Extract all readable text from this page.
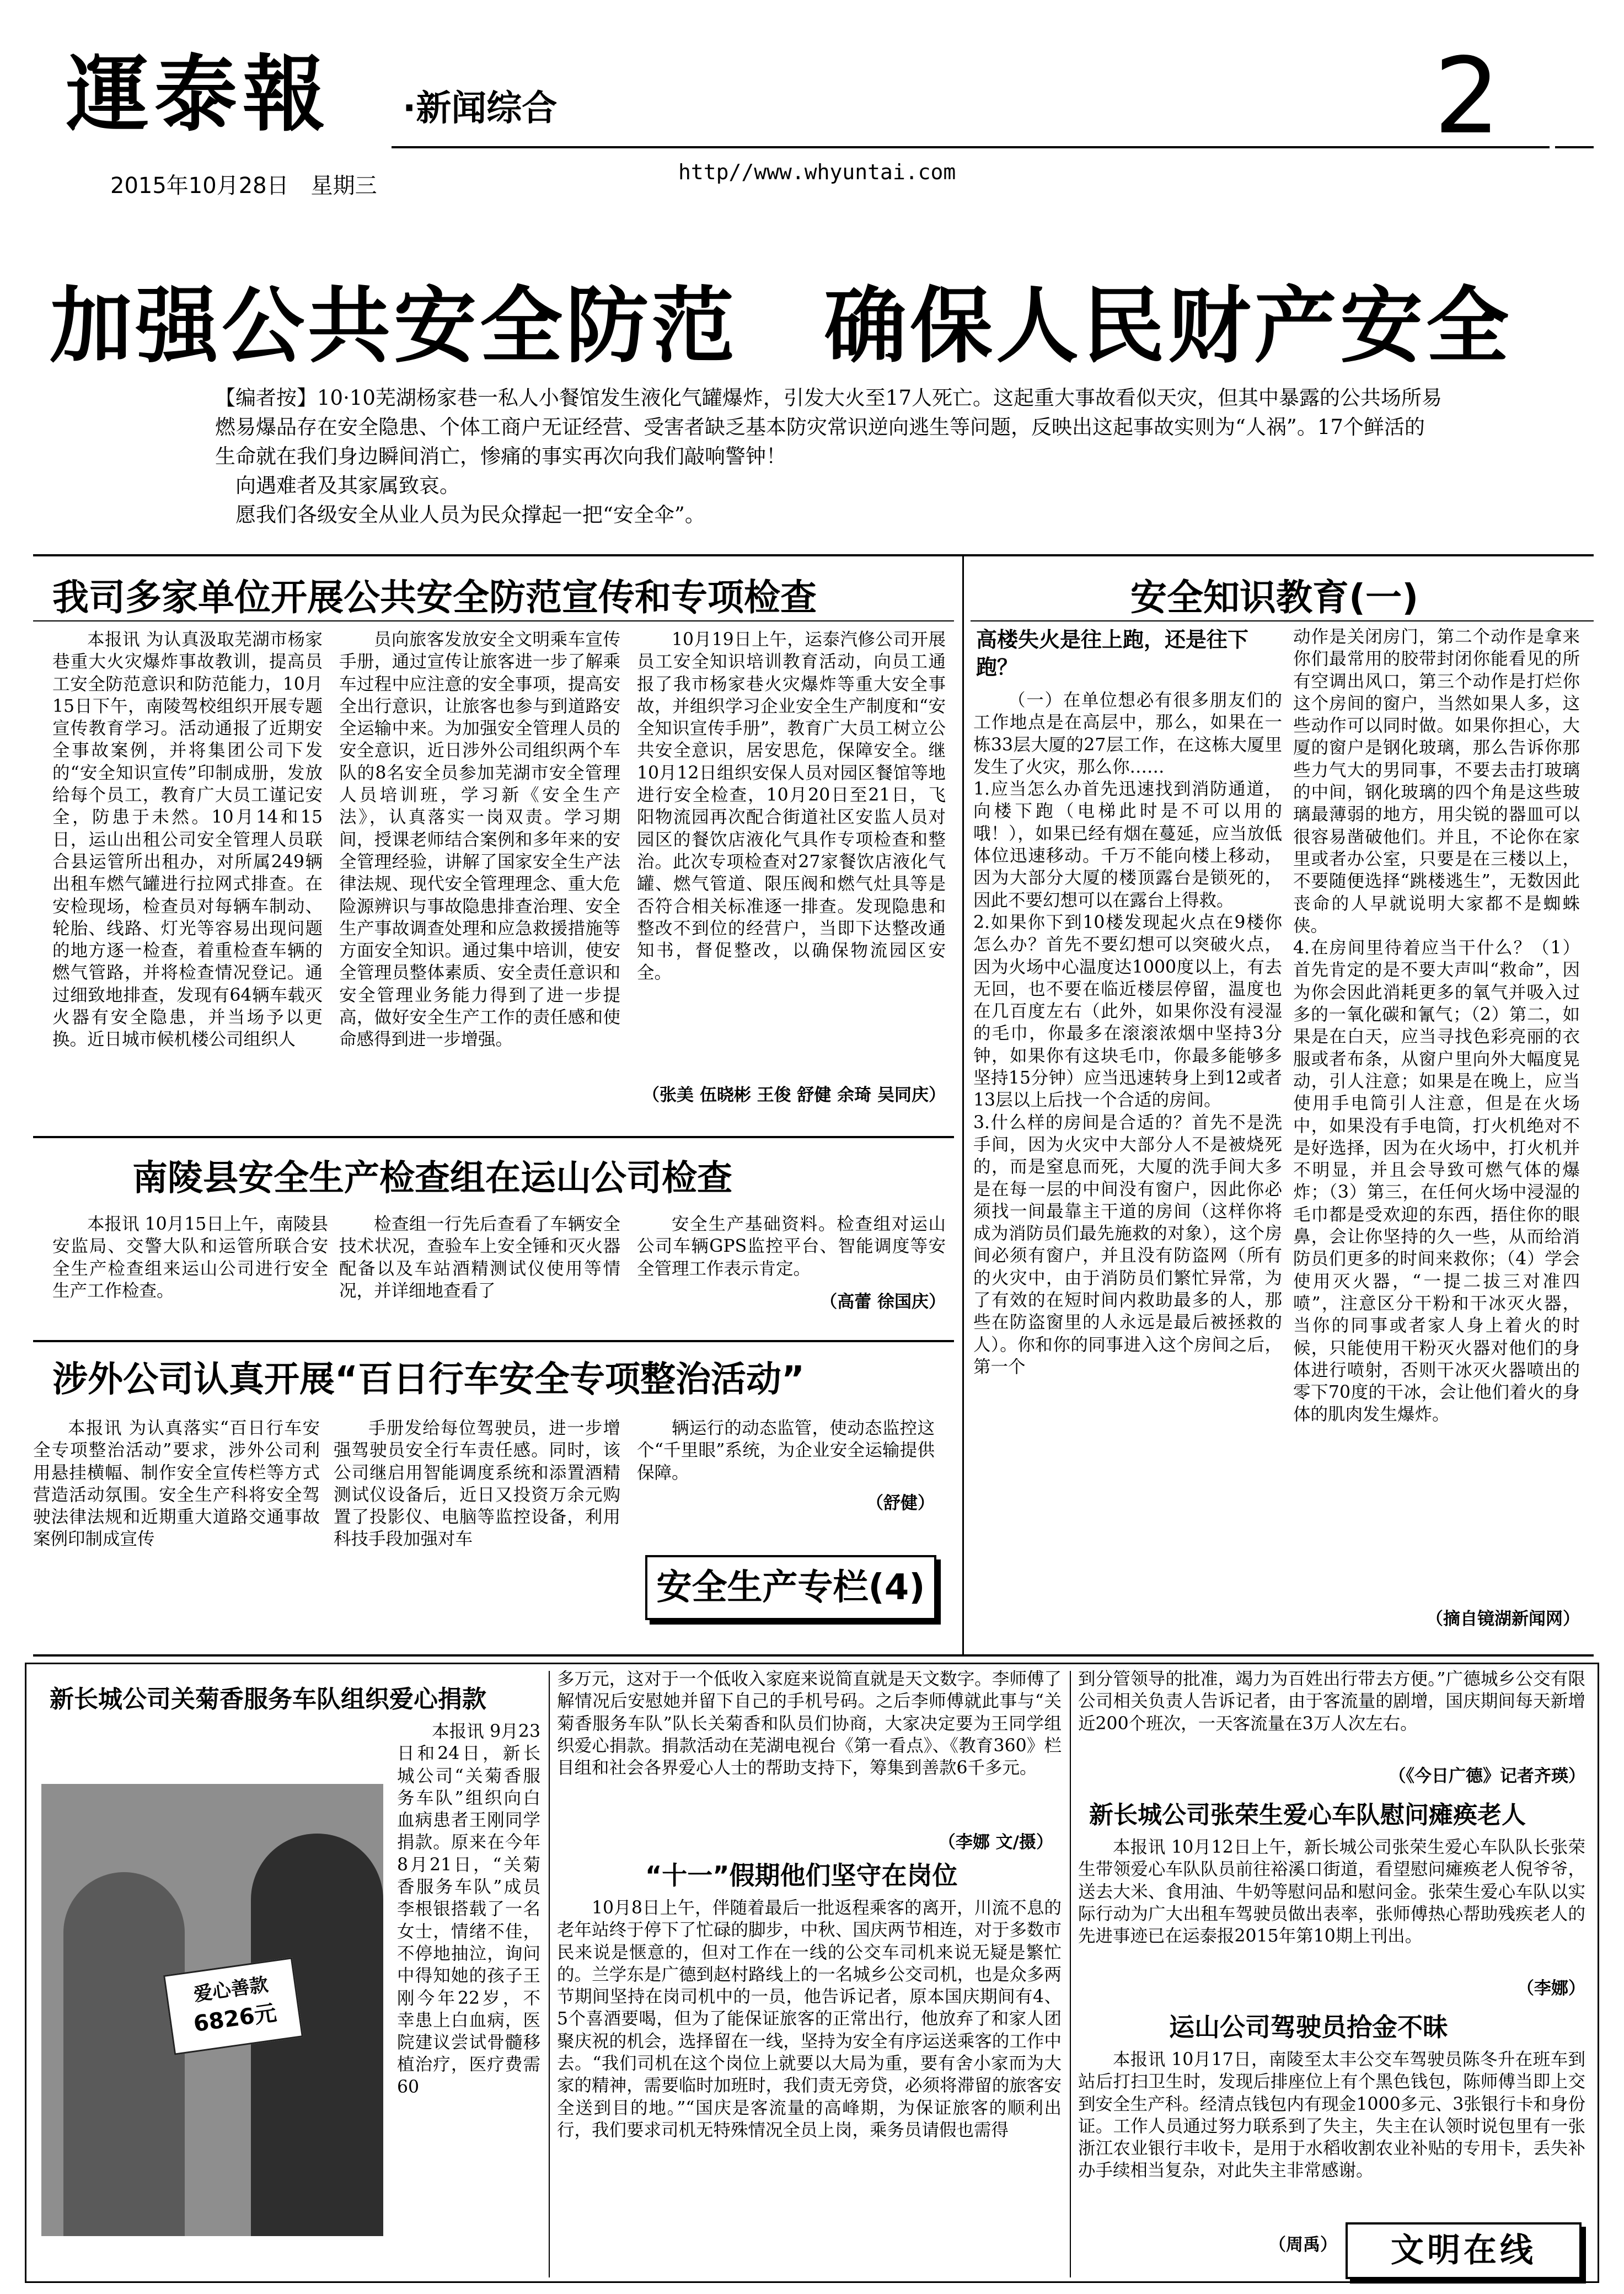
運泰報 ·新闻综合
2015年10月28日　星期三
http//www.whyuntai.com
2
加强公共安全防范　确保人民财产安全

【编者按】10·10芜湖杨家巷一私人小餐馆发生液化气罐爆炸，引发大火至17人死亡。这起重大事故看似天灾，但其中暴露的公共场所易燃易爆品存在安全隐患、个体工商户无证经营、受害者缺乏基本防灾常识逆向逃生等问题，反映出这起事故实则为“人祸”。17个鲜活的生命就在我们身边瞬间消亡，惨痛的事实再次向我们敲响警钟！

向遇难者及其家属致哀。

愿我们各级安全从业人员为民众撑起一把“安全伞”。

我司多家单位开展公共安全防范宣传和专项检查

本报讯 为认真汲取芜湖市杨家巷重大火灾爆炸事故教训，提高员工安全防范意识和防范能力，10月15日下午，南陵驾校组织开展专题宣传教育学习。活动通报了近期安全事故案例，并将集团公司下发的“安全知识宣传”印制成册，发放给每个员工，教育广大员工谨记安全，防患于未然。10月14和15日，运山出租公司安全管理人员联合县运管所出租办，对所属249辆出租车燃气罐进行拉网式排查。在安检现场，检查员对每辆车制动、轮胎、线路、灯光等容易出现问题的地方逐一检查，着重检查车辆的燃气管路，并将检查情况登记。通过细致地排查，发现有64辆车载灭火器有安全隐患，并当场予以更换。近日城市候机楼公司组织人

员向旅客发放安全文明乘车宣传手册，通过宣传让旅客进一步了解乘车过程中应注意的安全事项，提高安全出行意识，让旅客也参与到道路安全运输中来。为加强安全管理人员的安全意识，近日涉外公司组织两个车队的8名安全员参加芜湖市安全管理人员培训班，学习新《安全生产法》，认真落实一岗双责。学习期间，授课老师结合案例和多年来的安全管理经验，讲解了国家安全生产法律法规、现代安全管理理念、重大危险源辨识与事故隐患排查治理、安全生产事故调查处理和应急救援措施等方面安全知识。通过集中培训，使安全管理员整体素质、安全责任意识和安全管理业务能力得到了进一步提高，做好安全生产工作的责任感和使命感得到进一步增强。

10月19日上午，运泰汽修公司开展员工安全知识培训教育活动，向员工通报了我市杨家巷火灾爆炸等重大安全事故，并组织学习企业安全生产制度和“安全知识宣传手册”，教育广大员工树立公共安全意识，居安思危，保障安全。继10月12日组织安保人员对园区餐馆等地进行安全检查，10月20日至21日，飞阳物流园再次配合街道社区安监人员对园区的餐饮店液化气具作专项检查和整治。此次专项检查对27家餐饮店液化气罐、燃气管道、限压阀和燃气灶具等是否符合相关标准逐一排查。发现隐患和整改不到位的经营户，当即下达整改通知书，督促整改，以确保物流园区安全。

（张美 伍晓彬 王俊 舒健 余琦 吴同庆）
南陵县安全生产检查组在运山公司检查

本报讯 10月15日上午，南陵县安监局、交警大队和运管所联合安全生产检查组来运山公司进行安全生产工作检查。

检查组一行先后查看了车辆安全技术状况，查验车上安全锤和灭火器配备以及车站酒精测试仪使用等情况，并详细地查看了

安全生产基础资料。检查组对运山公司车辆GPS监控平台、智能调度等安全管理工作表示肯定。

（高蕾 徐国庆）
涉外公司认真开展“百日行车安全专项整治活动”

本报讯 为认真落实“百日行车安全专项整治活动”要求，涉外公司利用悬挂横幅、制作安全宣传栏等方式营造活动氛围。安全生产科将安全驾驶法律法规和近期重大道路交通事故案例印制成宣传

手册发给每位驾驶员，进一步增强驾驶员安全行车责任感。同时，该公司继启用智能调度系统和添置酒精测试仪设备后，近日又投资万余元购置了投影仪、电脑等监控设备，利用科技手段加强对车

辆运行的动态监管，使动态监控这个“千里眼”系统，为企业安全运输提供保障。

（舒健）
安全生产专栏(4)
安全知识教育(一)
高楼失火是往上跑，还是往下跑？

（一）在单位想必有很多朋友们的工作地点是在高层中，那么，如果在一栋33层大厦的27层工作，在这栋大厦里发生了火灾，那么你……
1.应当怎么办首先迅速找到消防通道，向楼下跑（电梯此时是不可以用的哦！），如果已经有烟在蔓延，应当放低体位迅速移动。千万不能向楼上移动，因为大部分大厦的楼顶露台是锁死的，因此不要幻想可以在露台上得救。
2.如果你下到10楼发现起火点在9楼你怎么办？首先不要幻想可以突破火点，因为火场中心温度达1000度以上，有去无回，也不要在临近楼层停留，温度也在几百度左右（此外，如果你没有浸湿的毛巾，你最多在滚滚浓烟中坚持3分钟，如果你有这块毛巾，你最多能够多坚持15分钟）应当迅速转身上到12或者13层以上后找一个合适的房间。
3.什么样的房间是合适的？首先不是洗手间，因为火灾中大部分人不是被烧死的，而是窒息而死，大厦的洗手间大多是在每一层的中间没有窗户，因此你必须找一间最靠主干道的房间（这样你将成为消防员们最先施救的对象），这个房间必须有窗户，并且没有防盗网（所有的火灾中，由于消防员们繁忙异常，为了有效的在短时间内救助最多的人，那些在防盗窗里的人永远是最后被拯救的人）。你和你的同事进入这个房间之后，第一个

动作是关闭房门，第二个动作是拿来你们最常用的胶带封闭你能看见的所有空调出风口，第三个动作是打烂你这个房间的窗户，当然如果人多，这些动作可以同时做。如果你担心，大厦的窗户是钢化玻璃，那么告诉你那些力气大的男同事，不要去击打玻璃的中间，钢化玻璃的四个角是这些玻璃最薄弱的地方，用尖锐的器皿可以很容易凿破他们。并且，不论你在家里或者办公室，只要是在三楼以上，不要随便选择“跳楼逃生”，无数因此丧命的人早就说明大家都不是蜘蛛侠。
4.在房间里待着应当干什么？（1）首先肯定的是不要大声叫“救命”，因为你会因此消耗更多的氧气并吸入过多的一氧化碳和氰气；（2）第二，如果是在白天，应当寻找色彩亮丽的衣服或者布条，从窗户里向外大幅度晃动，引人注意；如果是在晚上，应当使用手电筒引人注意，但是在火场中，如果没有手电筒，打火机绝对不是好选择，因为在火场中，打火机并不明显，并且会导致可燃气体的爆炸；（3）第三，在任何火场中浸湿的毛巾都是受欢迎的东西，捂住你的眼鼻，会让你坚持的久一些，从而给消防员们更多的时间来救你；（4）学会使用灭火器，“一提二拔三对准四喷”，注意区分干粉和干冰灭火器，当你的同事或者家人身上着火的时候，只能使用干粉灭火器对他们的身体进行喷射，否则干冰灭火器喷出的零下70度的干冰，会让他们着火的身体的肌肉发生爆炸。

（摘自镜湖新闻网）
新长城公司关菊香服务车队组织爱心捐款
爱心善款
6826元

本报讯 9月23日和24日，新长城公司“关菊香服务车队”组织向白血病患者王刚同学捐款。原来在今年8月21日，“关菊香服务车队”成员李根银搭载了一名女士，情绪不佳，不停地抽泣，询问中得知她的孩子王刚今年22岁，不幸患上白血病，医院建议尝试骨髓移植治疗，医疗费需60

多万元，这对于一个低收入家庭来说简直就是天文数字。李师傅了解情况后安慰她并留下自己的手机号码。之后李师傅就此事与“关菊香服务车队”队长关菊香和队员们协商，大家决定要为王同学组织爱心捐款。捐款活动在芜湖电视台《第一看点》、《教育360》栏目组和社会各界爱心人士的帮助支持下，筹集到善款6千多元。

（李娜 文/摄）
“十一”假期他们坚守在岗位

10月8日上午，伴随着最后一批返程乘客的离开，川流不息的老年站终于停下了忙碌的脚步，中秋、国庆两节相连，对于多数市民来说是惬意的，但对工作在一线的公交车司机来说无疑是繁忙的。兰学东是广德到赵村路线上的一名城乡公交司机，也是众多两节期间坚持在岗司机中的一员，他告诉记者，原本国庆期间有4、5个喜酒要喝，但为了能保证旅客的正常出行，他放弃了和家人团聚庆祝的机会，选择留在一线，坚持为安全有序运送乘客的工作中去。“我们司机在这个岗位上就要以大局为重，要有舍小家而为大家的精神，需要临时加班时，我们责无旁贷，必须将滞留的旅客安全送到目的地。”“国庆是客流量的高峰期，为保证旅客的顺利出行，我们要求司机无特殊情况全员上岗，乘务员请假也需得

到分管领导的批准，竭力为百姓出行带去方便。”广德城乡公交有限公司相关负责人告诉记者，由于客流量的剧增，国庆期间每天新增近200个班次，一天客流量在3万人次左右。

（《今日广德》记者齐瑛）
新长城公司张荣生爱心车队慰问瘫痪老人

本报讯 10月12日上午，新长城公司张荣生爱心车队队长张荣生带领爱心车队队员前往裕溪口街道，看望慰问瘫痪老人倪爷爷，送去大米、食用油、牛奶等慰问品和慰问金。张荣生爱心车队以实际行动为广大出租车驾驶员做出表率，张师傅热心帮助残疾老人的先进事迹已在运泰报2015年第10期上刊出。

（李娜）
运山公司驾驶员拾金不昧

本报讯 10月17日，南陵至太丰公交车驾驶员陈冬升在班车到站后打扫卫生时，发现后排座位上有个黑色钱包，陈师傅当即上交到安全生产科。经清点钱包内有现金1000多元、3张银行卡和身份证。工作人员通过努力联系到了失主，失主在认领时说包里有一张浙江农业银行丰收卡，是用于水稻收割农业补贴的专用卡，丢失补办手续相当复杂，对此失主非常感谢。

（周禹）	文明在线
